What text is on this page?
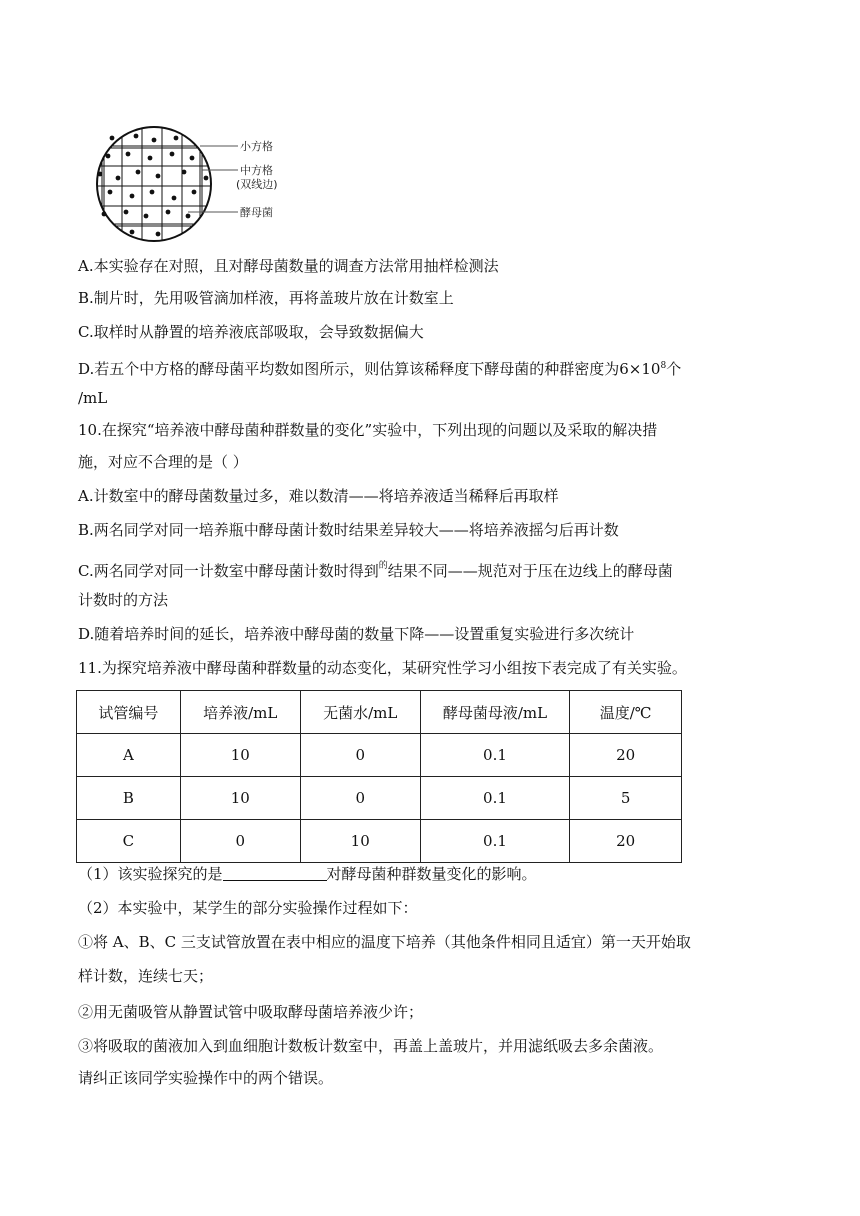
小方格
中方格
(双线边)
酵母菌
A.本实验存在对照，且对酵母菌数量的调查方法常用抽样检测法
B.制片时，先用吸管滴加样液，再将盖玻片放在计数室上
C.取样时从静置的培养液底部吸取，会导致数据偏大
D.若五个中方格的酵母菌平均数如图所示，则估算该稀释度下酵母菌的种群密度为$6\times 10^8$个
/mL
10.在探究“培养液中酵母菌种群数量的变化”实验中，下列出现的问题以及采取的解决措
施，对应不合理的是（ ）
A.计数室中的酵母菌数量过多，难以数清——将培养液适当稀释后再取样
B.两名同学对同一培养瓶中酵母菌计数时结果差异较大——将培养液摇匀后再计数
C.两名同学对同一计数室中酵母菌计数时得到$^的$结果不同——规范对于压在边线上的酵母菌
计数时的方法
D.随着培养时间的延长，培养液中酵母菌的数量下降——设置重复实验进行多次统计
11.为探究培养液中酵母菌种群数量的动态变化，某研究性学习小组按下表完成了有关实验。
试管编号	培养液/mL	无菌水/mL	酵母菌母液/mL	温度/℃
A	10	0	0.1	20
B	10	0	0.1	5
C	0	10	0.1	20
（1）该实验探究的是	对酵母菌种群数量变化的影响。
（2）本实验中，某学生的部分实验操作过程如下：
①将 A、B、C 三支试管放置在表中相应的温度下培养（其他条件相同且适宜）第一天开始取
样计数，连续七天；
②用无菌吸管从静置试管中吸取酵母菌培养液少许；
③将吸取的菌液加入到血细胞计数板计数室中，再盖上盖玻片，并用滤纸吸去多余菌液。
请纠正该同学实验操作中的两个错误。
